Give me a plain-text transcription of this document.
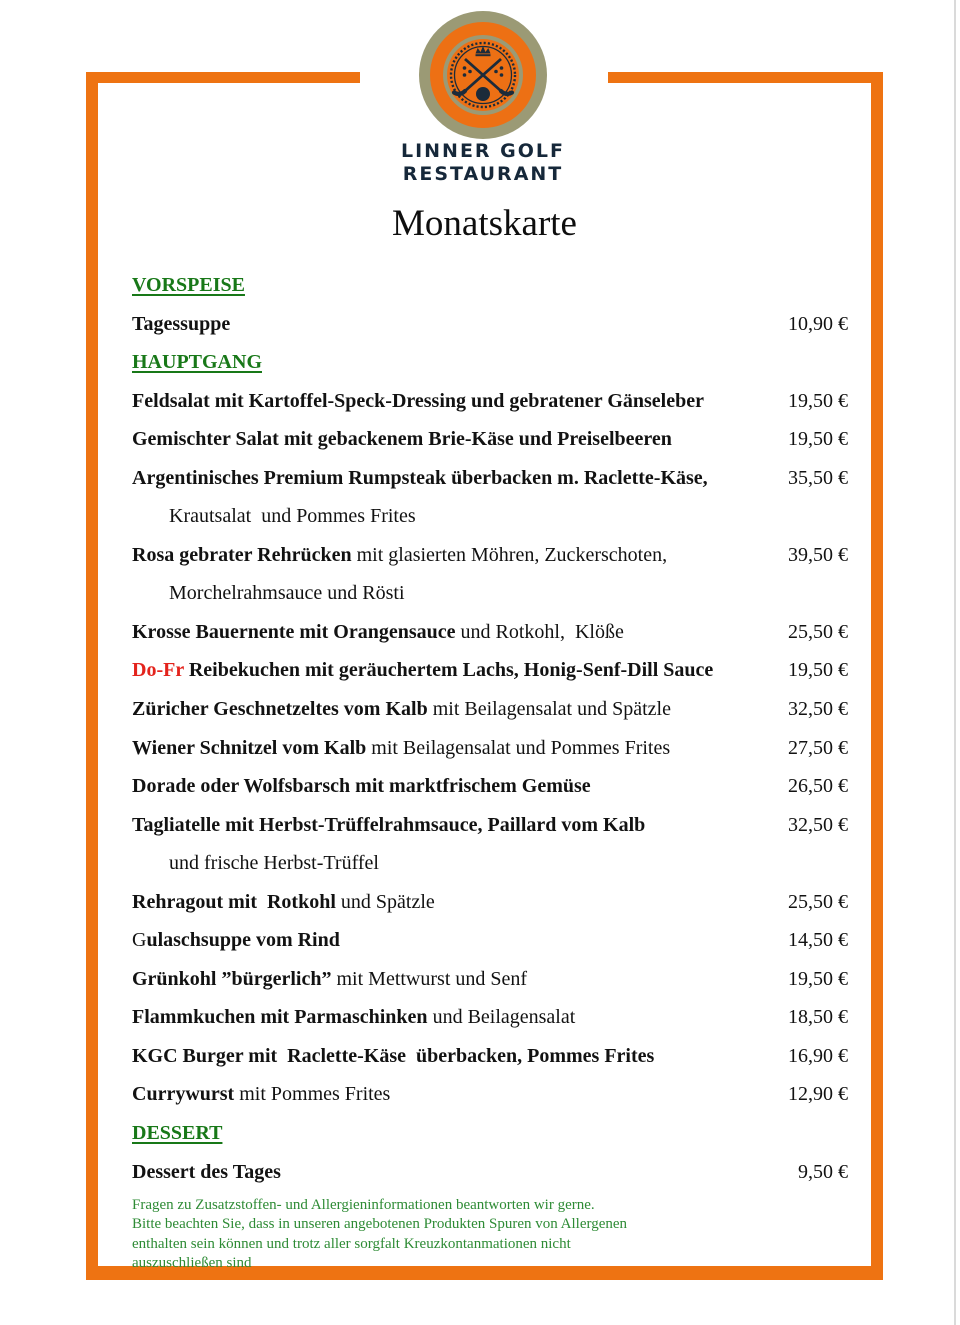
LINNER GOLF
RESTAURANT
Monatskarte
VORSPEISE
Tagessuppe	10,90 €
HAUPTGANG
Feldsalat mit Kartoffel-Speck-Dressing und gebratener Gänseleber	19,50 €
Gemischter Salat mit gebackenem Brie-Käse und Preiselbeeren	19,50 €
Argentinisches Premium Rumpsteak überbacken m. Raclette-Käse,	35,50 €
Krautsalat  und Pommes Frites
Rosa gebrater Rehrücken mit glasierten Möhren, Zuckerschoten,	39,50 €
Morchelrahmsauce und Rösti
Krosse Bauernente mit Orangensauce und Rotkohl,  Klöße	25,50 €
Do-Fr Reibekuchen mit geräuchertem Lachs, Honig-Senf-Dill Sauce	19,50 €
Züricher Geschnetzeltes vom Kalb mit Beilagensalat und Spätzle	32,50 €
Wiener Schnitzel vom Kalb mit Beilagensalat und Pommes Frites	27,50 €
Dorade oder Wolfsbarsch mit marktfrischem Gemüse	26,50 €
Tagliatelle mit Herbst-Trüffelrahmsauce, Paillard vom Kalb	32,50 €
und frische Herbst-Trüffel
Rehragout mit  Rotkohl und Spätzle	25,50 €
Gulaschsuppe vom Rind	14,50 €
Grünkohl ”bürgerlich” mit Mettwurst und Senf	19,50 €
Flammkuchen mit Parmaschinken und Beilagensalat	18,50 €
KGC Burger mit  Raclette-Käse  überbacken, Pommes Frites	16,90 €
Currywurst mit Pommes Frites	12,90 €
DESSERT
Dessert des Tages	9,50 €
Fragen zu Zusatzstoffen- und Allergieninformationen beantworten wir gerne.
Bitte beachten Sie, dass in unseren angebotenen Produkten Spuren von Allergenen
enthalten sein können und trotz aller sorgfalt Kreuzkontanmationen nicht
auszuschließen sind
